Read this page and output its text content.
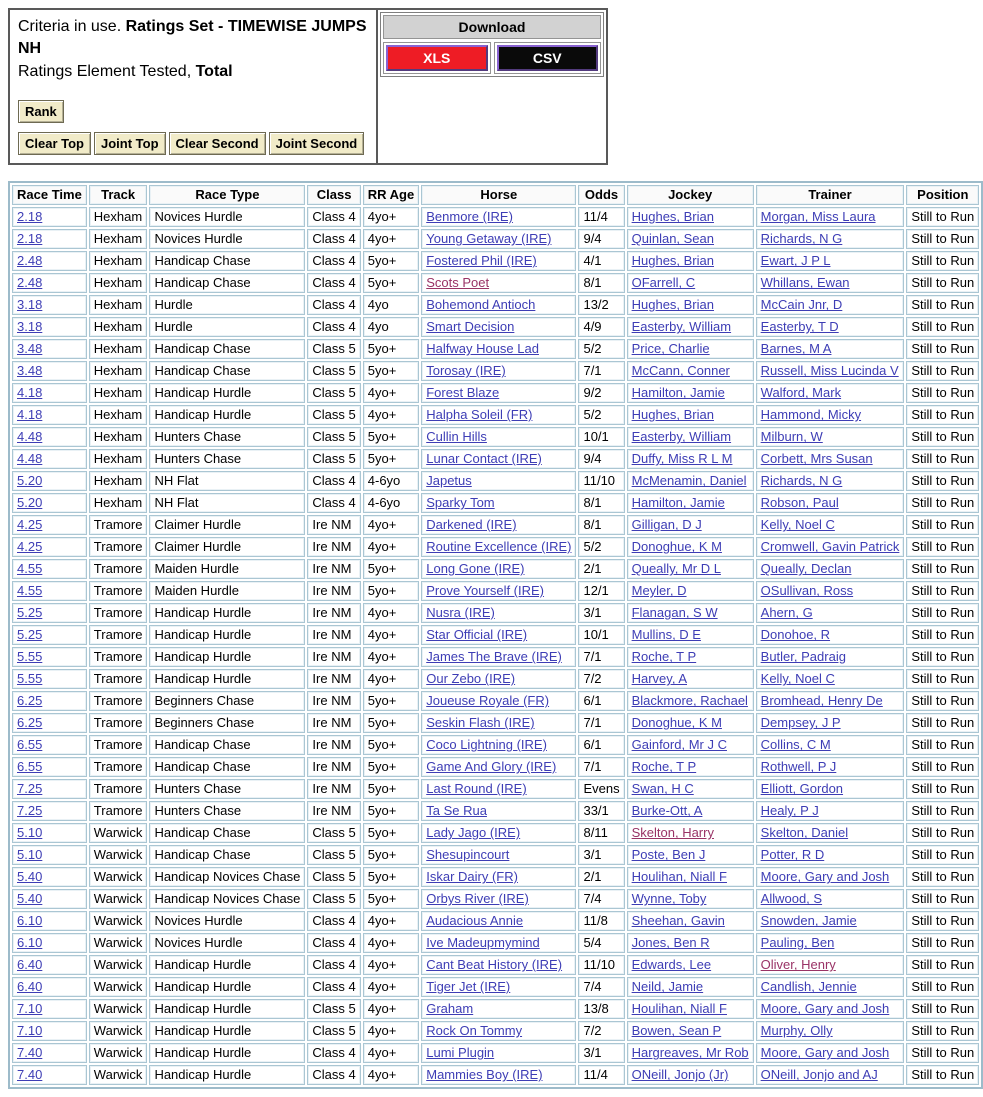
Criteria in use. Ratings Set - TIMEWISE JUMPS NH
Ratings Element Tested, Total
Rank
Clear Top	Joint Top	Clear Second	Joint Second
Download
XLS	CSV
Race Time	Track	Race Type	Class	RR Age	Horse	Odds	Jockey	Trainer	Position
2.18	Hexham	Novices Hurdle	Class 4	4yo+	Benmore (IRE)	11/4	Hughes, Brian	Morgan, Miss Laura	Still to Run
2.18	Hexham	Novices Hurdle	Class 4	4yo+	Young Getaway (IRE)	9/4	Quinlan, Sean	Richards, N G	Still to Run
2.48	Hexham	Handicap Chase	Class 4	5yo+	Fostered Phil (IRE)	4/1	Hughes, Brian	Ewart, J P L	Still to Run
2.48	Hexham	Handicap Chase	Class 4	5yo+	Scots Poet	8/1	OFarrell, C	Whillans, Ewan	Still to Run
3.18	Hexham	Hurdle	Class 4	4yo	Bohemond Antioch	13/2	Hughes, Brian	McCain Jnr, D	Still to Run
3.18	Hexham	Hurdle	Class 4	4yo	Smart Decision	4/9	Easterby, William	Easterby, T D	Still to Run
3.48	Hexham	Handicap Chase	Class 5	5yo+	Halfway House Lad	5/2	Price, Charlie	Barnes, M A	Still to Run
3.48	Hexham	Handicap Chase	Class 5	5yo+	Torosay (IRE)	7/1	McCann, Conner	Russell, Miss Lucinda V	Still to Run
4.18	Hexham	Handicap Hurdle	Class 5	4yo+	Forest Blaze	9/2	Hamilton, Jamie	Walford, Mark	Still to Run
4.18	Hexham	Handicap Hurdle	Class 5	4yo+	Halpha Soleil (FR)	5/2	Hughes, Brian	Hammond, Micky	Still to Run
4.48	Hexham	Hunters Chase	Class 5	5yo+	Cullin Hills	10/1	Easterby, William	Milburn, W	Still to Run
4.48	Hexham	Hunters Chase	Class 5	5yo+	Lunar Contact (IRE)	9/4	Duffy, Miss R L M	Corbett, Mrs Susan	Still to Run
5.20	Hexham	NH Flat	Class 4	4-6yo	Japetus	11/10	McMenamin, Daniel	Richards, N G	Still to Run
5.20	Hexham	NH Flat	Class 4	4-6yo	Sparky Tom	8/1	Hamilton, Jamie	Robson, Paul	Still to Run
4.25	Tramore	Claimer Hurdle	Ire NM	4yo+	Darkened (IRE)	8/1	Gilligan, D J	Kelly, Noel C	Still to Run
4.25	Tramore	Claimer Hurdle	Ire NM	4yo+	Routine Excellence (IRE)	5/2	Donoghue, K M	Cromwell, Gavin Patrick	Still to Run
4.55	Tramore	Maiden Hurdle	Ire NM	5yo+	Long Gone (IRE)	2/1	Queally, Mr D L	Queally, Declan	Still to Run
4.55	Tramore	Maiden Hurdle	Ire NM	5yo+	Prove Yourself (IRE)	12/1	Meyler, D	OSullivan, Ross	Still to Run
5.25	Tramore	Handicap Hurdle	Ire NM	4yo+	Nusra (IRE)	3/1	Flanagan, S W	Ahern, G	Still to Run
5.25	Tramore	Handicap Hurdle	Ire NM	4yo+	Star Official (IRE)	10/1	Mullins, D E	Donohoe, R	Still to Run
5.55	Tramore	Handicap Hurdle	Ire NM	4yo+	James The Brave (IRE)	7/1	Roche, T P	Butler, Padraig	Still to Run
5.55	Tramore	Handicap Hurdle	Ire NM	4yo+	Our Zebo (IRE)	7/2	Harvey, A	Kelly, Noel C	Still to Run
6.25	Tramore	Beginners Chase	Ire NM	5yo+	Joueuse Royale (FR)	6/1	Blackmore, Rachael	Bromhead, Henry De	Still to Run
6.25	Tramore	Beginners Chase	Ire NM	5yo+	Seskin Flash (IRE)	7/1	Donoghue, K M	Dempsey, J P	Still to Run
6.55	Tramore	Handicap Chase	Ire NM	5yo+	Coco Lightning (IRE)	6/1	Gainford, Mr J C	Collins, C M	Still to Run
6.55	Tramore	Handicap Chase	Ire NM	5yo+	Game And Glory (IRE)	7/1	Roche, T P	Rothwell, P J	Still to Run
7.25	Tramore	Hunters Chase	Ire NM	5yo+	Last Round (IRE)	Evens	Swan, H C	Elliott, Gordon	Still to Run
7.25	Tramore	Hunters Chase	Ire NM	5yo+	Ta Se Rua	33/1	Burke-Ott, A	Healy, P J	Still to Run
5.10	Warwick	Handicap Chase	Class 5	5yo+	Lady Jago (IRE)	8/11	Skelton, Harry	Skelton, Daniel	Still to Run
5.10	Warwick	Handicap Chase	Class 5	5yo+	Shesupincourt	3/1	Poste, Ben J	Potter, R D	Still to Run
5.40	Warwick	Handicap Novices Chase	Class 5	5yo+	Iskar Dairy (FR)	2/1	Houlihan, Niall F	Moore, Gary and Josh	Still to Run
5.40	Warwick	Handicap Novices Chase	Class 5	5yo+	Orbys River (IRE)	7/4	Wynne, Toby	Allwood, S	Still to Run
6.10	Warwick	Novices Hurdle	Class 4	4yo+	Audacious Annie	11/8	Sheehan, Gavin	Snowden, Jamie	Still to Run
6.10	Warwick	Novices Hurdle	Class 4	4yo+	Ive Madeupmymind	5/4	Jones, Ben R	Pauling, Ben	Still to Run
6.40	Warwick	Handicap Hurdle	Class 4	4yo+	Cant Beat History (IRE)	11/10	Edwards, Lee	Oliver, Henry	Still to Run
6.40	Warwick	Handicap Hurdle	Class 4	4yo+	Tiger Jet (IRE)	7/4	Neild, Jamie	Candlish, Jennie	Still to Run
7.10	Warwick	Handicap Hurdle	Class 5	4yo+	Graham	13/8	Houlihan, Niall F	Moore, Gary and Josh	Still to Run
7.10	Warwick	Handicap Hurdle	Class 5	4yo+	Rock On Tommy	7/2	Bowen, Sean P	Murphy, Olly	Still to Run
7.40	Warwick	Handicap Hurdle	Class 4	4yo+	Lumi Plugin	3/1	Hargreaves, Mr Rob	Moore, Gary and Josh	Still to Run
7.40	Warwick	Handicap Hurdle	Class 4	4yo+	Mammies Boy (IRE)	11/4	ONeill, Jonjo (Jr)	ONeill, Jonjo and AJ	Still to Run
